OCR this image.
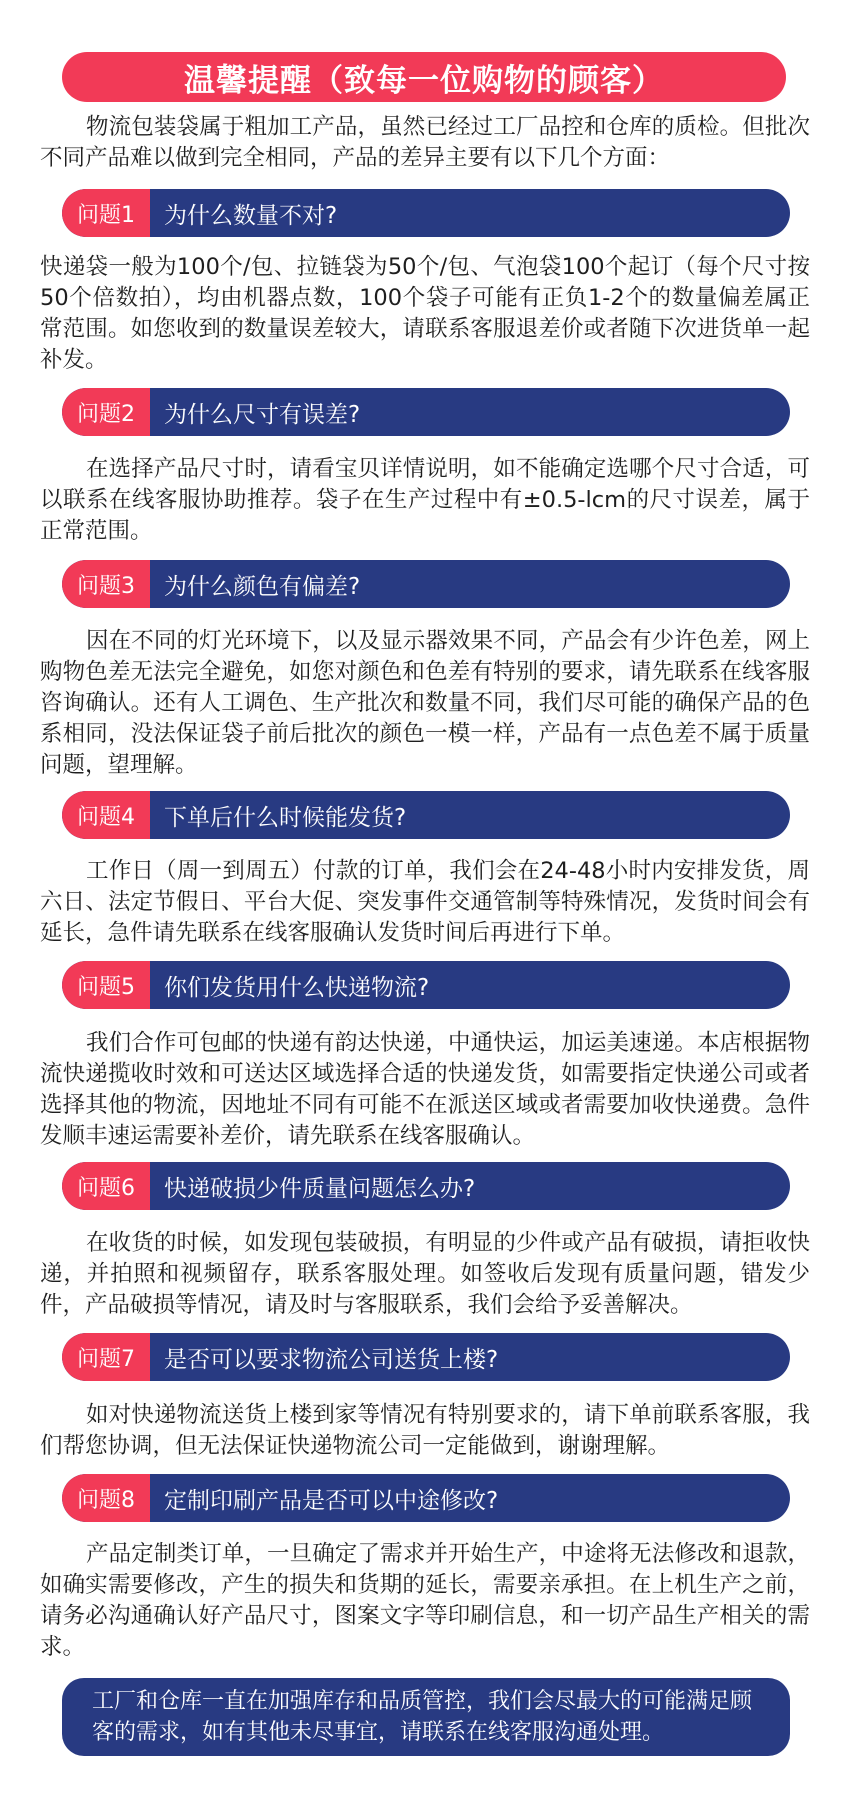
温馨提醒（致每一位购物的顾客）

物流包装袋属于粗加工产品，虽然已经过工厂品控和仓库的质检。但批次不同产品难以做到完全相同，产品的差异主要有以下几个方面：

问题1	为什么数量不对?

快递袋一般为100个/包、拉链袋为50个/包、气泡袋100个起订（每个尺寸按50个倍数拍），均由机器点数，100个袋子可能有正负1-2个的数量偏差属正常范围。如您收到的数量误差较大，请联系客服退差价或者随下次进货单一起补发。

问题2	为什么尺寸有误差?

在选择产品尺寸时，请看宝贝详情说明，如不能确定选哪个尺寸合适，可以联系在线客服协助推荐。袋子在生产过程中有±0.5-lcm的尺寸误差，属于正常范围。

问题3	为什么颜色有偏差?

因在不同的灯光环境下，以及显示器效果不同，产品会有少许色差，网上购物色差无法完全避免，如您对颜色和色差有特别的要求，请先联系在线客服咨询确认。还有人工调色、生产批次和数量不同，我们尽可能的确保产品的色系相同，没法保证袋子前后批次的颜色一模一样，产品有一点色差不属于质量问题，望理解。

问题4	下单后什么时候能发货?

工作日（周一到周五）付款的订单，我们会在24-48小时内安排发货，周六日、法定节假日、平台大促、突发事件交通管制等特殊情况，发货时间会有延长，急件请先联系在线客服确认发货时间后再进行下单。

问题5	你们发货用什么快递物流?

我们合作可包邮的快递有韵达快递，中通快运，加运美速递。本店根据物流快递揽收时效和可送达区域选择合适的快递发货，如需要指定快递公司或者选择其他的物流，因地址不同有可能不在派送区域或者需要加收快递费。急件发顺丰速运需要补差价，请先联系在线客服确认。

问题6	快递破损少件质量问题怎么办?

在收货的时候，如发现包装破损，有明显的少件或产品有破损，请拒收快递，并拍照和视频留存，联系客服处理。如签收后发现有质量问题，错发少件，产品破损等情况，请及时与客服联系，我们会给予妥善解决。

问题7	是否可以要求物流公司送货上楼?

如对快递物流送货上楼到家等情况有特别要求的，请下单前联系客服，我们帮您协调，但无法保证快递物流公司一定能做到，谢谢理解。

问题8	定制印刷产品是否可以中途修改?

产品定制类订单，一旦确定了需求并开始生产，中途将无法修改和退款，如确实需要修改，产生的损失和货期的延长，需要亲承担。在上机生产之前，请务必沟通确认好产品尺寸，图案文字等印刷信息，和一切产品生产相关的需求。

工厂和仓库一直在加强库存和品质管控，我们会尽最大的可能满足顾客的需求，如有其他未尽事宜，请联系在线客服沟通处理。
